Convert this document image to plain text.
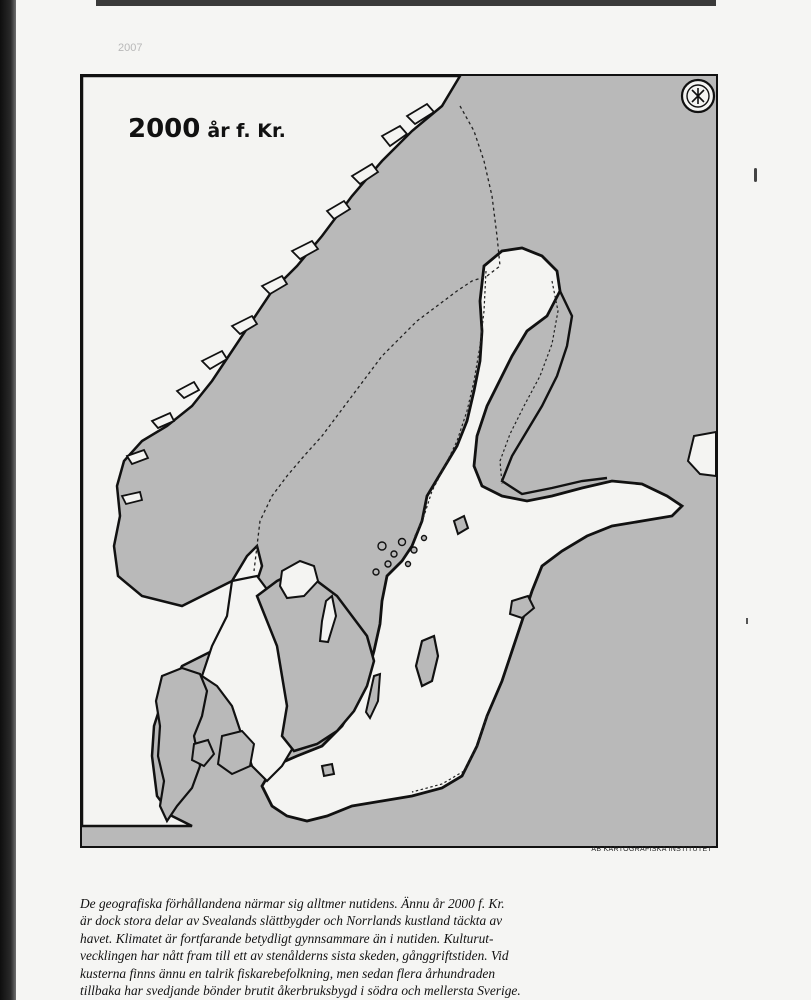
2007
2000 år f. Kr.
AB KARTOGRAFISKA INSTITUTET
De geografiska förhållandena närmar sig alltmer nutidens. Ännu år 2000 f. Kr.
är dock stora delar av Svealands slättbygder och Norrlands kustland täckta av
havet. Klimatet är fortfarande betydligt gynnsammare än i nutiden. Kulturut-
vecklingen har nått fram till ett av stenålderns sista skeden, gånggriftstiden. Vid
kusterna finns ännu en talrik fiskarebefolkning, men sedan flera århundraden
tillbaka har svedjande bönder brutit åkerbruksbygd i södra och mellersta Sverige.
